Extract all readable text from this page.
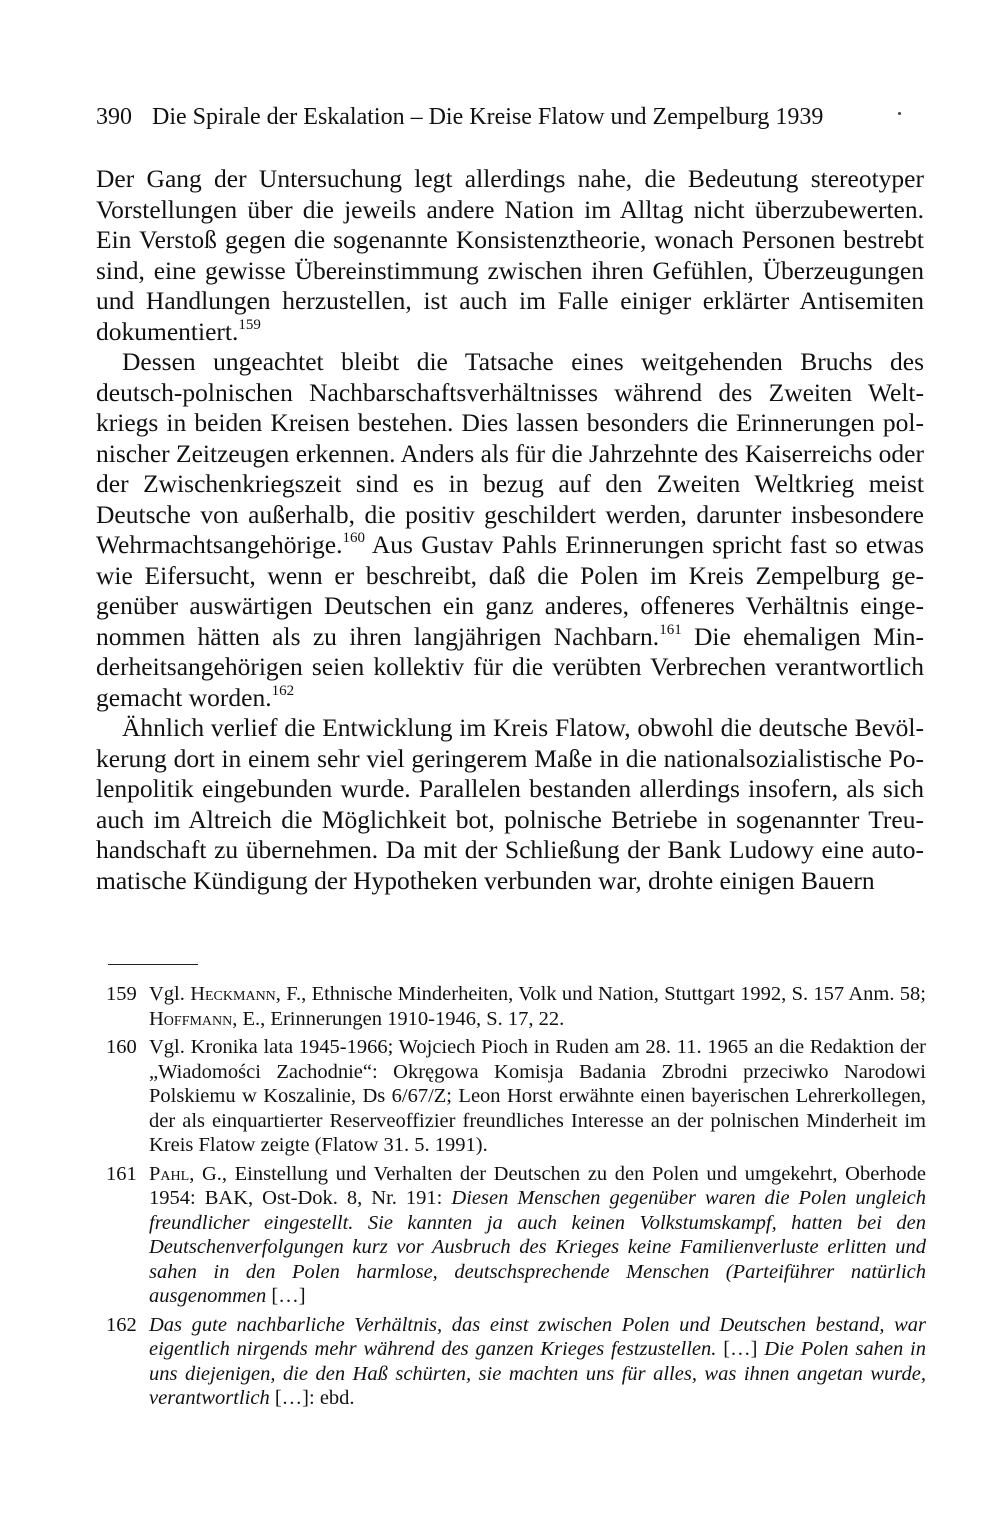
390 Die Spirale der Eskalation – Die Kreise Flatow und Zempelburg 1939

Der Gang der Untersuchung legt allerdings nahe, die Bedeutung stereotyper Vorstellungen über die jeweils andere Nation im Alltag nicht überzubewerten. Ein Verstoß gegen die sogenannte Konsistenztheorie, wonach Personen bestrebt sind, eine gewisse Übereinstimmung zwischen ihren Gefühlen, Überzeugungen und Handlungen herzustellen, ist auch im Falle einiger erklärter Antisemiten dokumentiert.$^{159}$

Dessen ungeachtet bleibt die Tatsache eines weitgehenden Bruchs des deutsch-polnischen Nachbarschaftsverhältnisses während des Zweiten Weltkriegs in beiden Kreisen bestehen. Dies lassen besonders die Erinnerungen polnischer Zeitzeugen erkennen. Anders als für die Jahrzehnte des Kaiserreichs oder der Zwischenkriegszeit sind es in bezug auf den Zweiten Weltkrieg meist Deutsche von außerhalb, die positiv geschildert werden, darunter insbesondere Wehrmachtsangehörige.$^{160}$ Aus Gustav Pahls Erinnerungen spricht fast so etwas wie Eifersucht, wenn er beschreibt, daß die Polen im Kreis Zempelburg gegenüber auswärtigen Deutschen ein ganz anderes, offeneres Verhältnis eingenommen hätten als zu ihren langjährigen Nachbarn.$^{161}$ Die ehemaligen Minderheitsangehörigen seien kollektiv für die verübten Verbrechen verantwortlich gemacht worden.$^{162}$

Ähnlich verlief die Entwicklung im Kreis Flatow, obwohl die deutsche Bevölkerung dort in einem sehr viel geringerem Maße in die nationalsozialistische Polenpolitik eingebunden wurde. Parallelen bestanden allerdings insofern, als sich auch im Altreich die Möglichkeit bot, polnische Betriebe in sogenannter Treuhandschaft zu übernehmen. Da mit der Schließung der Bank Ludowy eine automatische Kündigung der Hypotheken verbunden war, drohte einigen Bauern

159 Vgl. Heckmann, F., Ethnische Minderheiten, Volk und Nation, Stuttgart 1992, S. 157 Anm. 58; Hoffmann, E., Erinnerungen 1910-1946, S. 17, 22.
160 Vgl. Kronika lata 1945-1966; Wojciech Pioch in Ruden am 28. 11. 1965 an die Redaktion der „Wiadomości Zachodnie“: Okręgowa Komisja Badania Zbrodni przeciwko Narodowi Polskiemu w Koszalinie, Ds 6/67/Z; Leon Horst erwähnte einen bayerischen Lehrerkollegen, der als einquartierter Reserveoffizier freundliches Interesse an der polnischen Minderheit im Kreis Flatow zeigte (Flatow 31. 5. 1991).
161 Pahl, G., Einstellung und Verhalten der Deutschen zu den Polen und umgekehrt, Oberhode 1954: BAK, Ost-Dok. 8, Nr. 191: Diesen Menschen gegenüber waren die Polen ungleich freundlicher eingestellt. Sie kannten ja auch keinen Volkstumskampf, hatten bei den Deutschenverfolgungen kurz vor Ausbruch des Krieges keine Familienverluste erlitten und sahen in den Polen harmlose, deutschsprechende Menschen (Parteiführer natürlich ausgenommen […]
162 Das gute nachbarliche Verhältnis, das einst zwischen Polen und Deutschen bestand, war eigentlich nirgends mehr während des ganzen Krieges festzustellen. […] Die Polen sahen in uns diejenigen, die den Haß schürten, sie machten uns für alles, was ihnen angetan wurde, verantwortlich […]: ebd.
